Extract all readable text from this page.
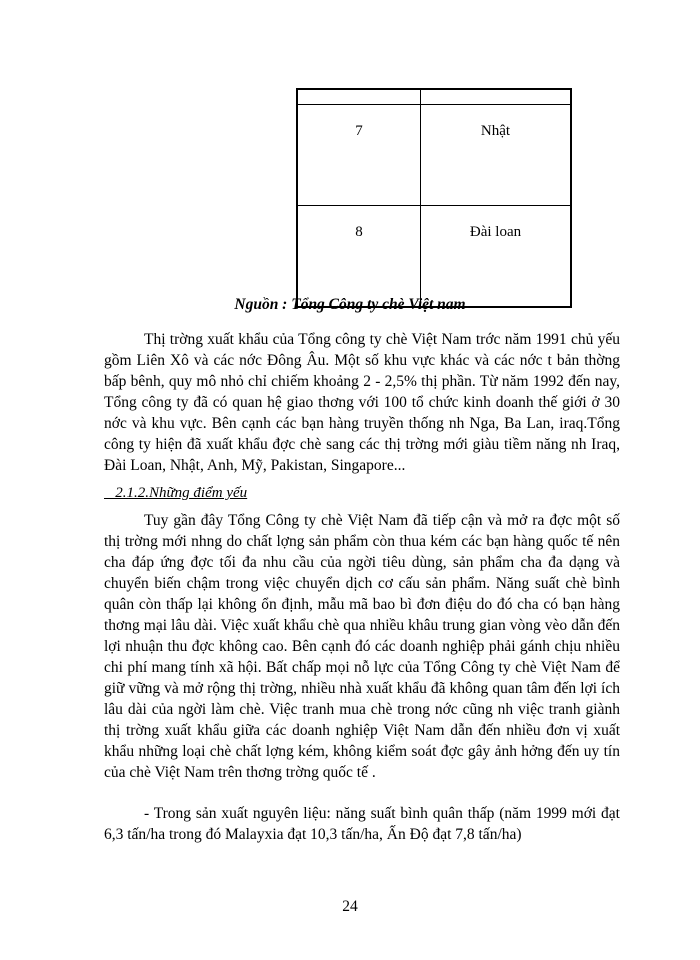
7	Nhật

8	Đài loan
Nguồn : Tổng Công ty chè Việt nam

Thị trờng xuất khẩu của Tổng công ty chè Việt Nam trớc năm 1991 chủ yếu gồm Liên Xô và các nớc Đông Âu. Một số khu vực khác và các nớc t bản thờng bấp bênh, quy mô nhỏ chỉ chiếm khoảng 2 - 2,5% thị phần. Từ năm 1992 đến nay, Tổng công ty đã có quan hệ giao thơng với 100 tổ chức kinh doanh thế giới ở 30 nớc và khu vực. Bên cạnh các bạn hàng truyền thống nh Nga, Ba Lan, iraq.Tổng công ty hiện đã xuất khẩu đợc chè sang các thị trờng mới giàu tiềm năng nh Iraq, Đài Loan, Nhật, Anh, Mỹ, Pakistan, Singapore...

2.1.2.Những điểm yếu

Tuy gần đây Tổng Công ty chè Việt Nam đã tiếp cận và mở ra đợc một số thị trờng mới nhng do chất lợng sản phẩm còn thua kém các bạn hàng quốc tế nên cha đáp ứng đợc tối đa nhu cầu của ngời tiêu dùng, sản phẩm cha đa dạng và chuyển biến chậm trong việc chuyển dịch cơ cấu sản phẩm. Năng suất chè bình quân còn thấp lại không ổn định, mẫu mã bao bì đơn điệu do đó cha có bạn hàng thơng mại lâu dài. Việc xuất khẩu chè qua nhiều khâu trung gian vòng vèo dẫn đến lợi nhuận thu đợc không cao. Bên cạnh đó các doanh nghiệp phải gánh chịu nhiều chi phí mang tính xã hội. Bất chấp mọi nỗ lực của Tổng Công ty chè Việt Nam để giữ vững và mở rộng thị trờng, nhiều nhà xuất khẩu đã không quan tâm đến lợi ích lâu dài của ngời làm chè. Việc tranh mua chè trong nớc cũng nh việc tranh giành thị trờng xuất khẩu giữa các doanh nghiệp Việt Nam dẫn đến nhiều đơn vị xuất khẩu những loại chè chất lợng kém, không kiểm soát đợc gây ảnh hởng đến uy tín của chè Việt Nam trên thơng trờng quốc tế .

- Trong sản xuất nguyên liệu: năng suất bình quân thấp (năm 1999 mới đạt 6,3 tấn/ha trong đó Malayxia đạt 10,3 tấn/ha, Ấn Độ đạt 7,8 tấn/ha)

24
